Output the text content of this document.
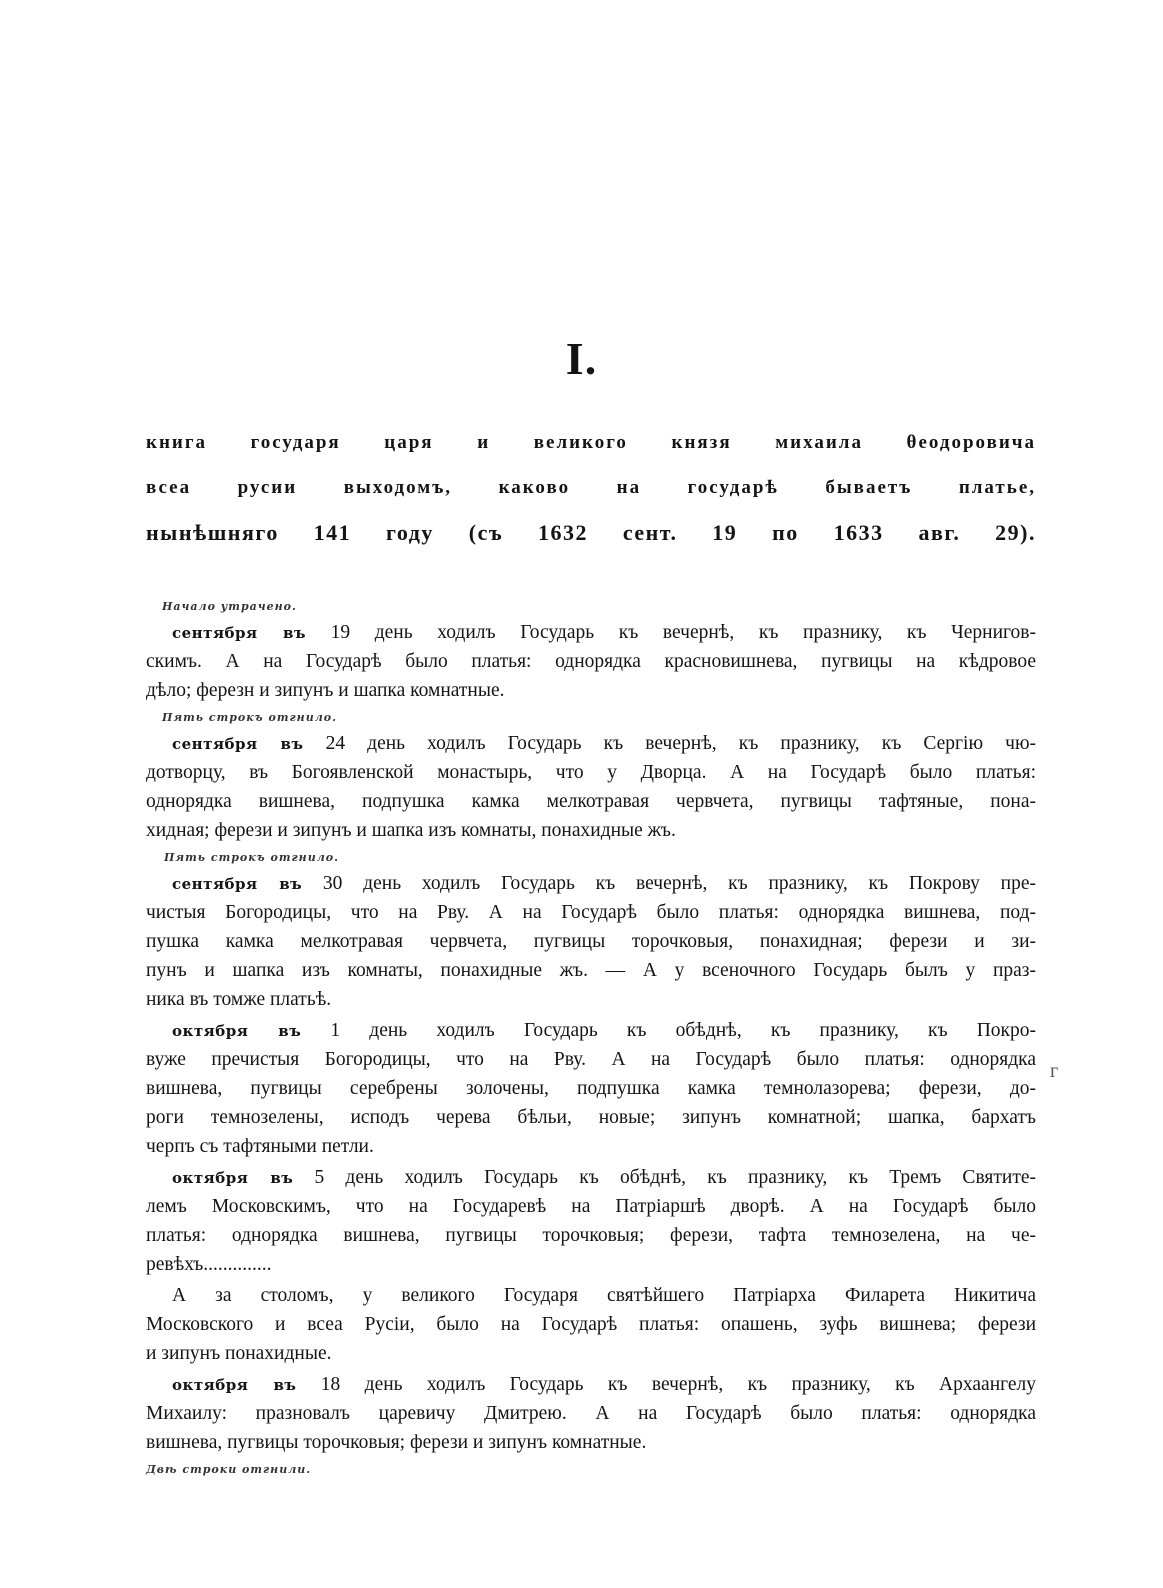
I.
книга государя царя и великого князя михаила θеодоровича
всеа русии выходомъ, каково на государѣ бываетъ платье,
нынѣшняго 141 году (съ 1632 сент. 19 по 1633 авг. 29).
Начало утрачено.
сентября въ 19 день ходилъ Государь къ вечернѣ, къ празнику, къ Чернигов-
скимъ. А на Государѣ было платья: однорядка красновишнева, пугвицы на кѣдровое
дѣло; ферезн и зипунъ и шапка комнатные.
Пять строкъ отгнило.
сентября въ 24 день ходилъ Государь къ вечернѣ, къ празнику, къ Сергію чю-
дотворцу, въ Богоявленской монастырь, что у Дворца. А на Государѣ было платья:
однорядка вишнева, подпушка камка мелкотравая червчета, пугвицы тафтяные, пона-
хидная; ферези и зипунъ и шапка изъ комнаты, понахидные жъ.
Пять строкъ отгнило.
сентября въ 30 день ходилъ Государь къ вечернѣ, къ празнику, къ Покрову пре-
чистыя Богородицы, что на Рву. А на Государѣ было платья: однорядка вишнева, под-
пушка камка мелкотравая червчета, пугвицы торочковыя, понахидная; ферези и зи-
пунъ и шапка изъ комнаты, понахидные жъ. — А у всеночного Государь былъ у праз-
ника въ томже платьѣ.
октября въ 1 день ходилъ Государь къ обѣднѣ, къ празнику, къ Покро-
вуже пречистыя Богородицы, что на Рву. А на Государѣ было платья: однорядка
вишнева, пугвицы серебрены золочены, подпушка камка темнолазорева; ферези, до-
роги темнозелены, исподъ черева бѣльи, новые; зипунъ комнатной; шапка, бархатъ
черпъ съ тафтяными петли.
октября въ 5 день ходилъ Государь къ обѣднѣ, къ празнику, къ Тремъ Святите-
лемъ Московскимъ, что на Государевѣ на Патріаршѣ дворѣ. А на Государѣ было
платья: однорядка вишнева, пугвицы торочковыя; ферези, тафта темнозелена, на че-
ревѣхъ..............
А за столомъ, у великого Государя святѣйшего Патріарха Филарета Никитича
Московского и всеа Русіи, было на Государѣ платья: опашень, зуфь вишнева; ферези
и зипунъ понахидные.
октября въ 18 день ходилъ Государь къ вечернѣ, къ празнику, къ Архаангелу
Михаилу: празновалъ царевичу Дмитрею. А на Государѣ было платья: однорядка
вишнева, пугвицы торочковыя; ферези и зипунъ комнатные.
Двѣ строки отгнили.
г
